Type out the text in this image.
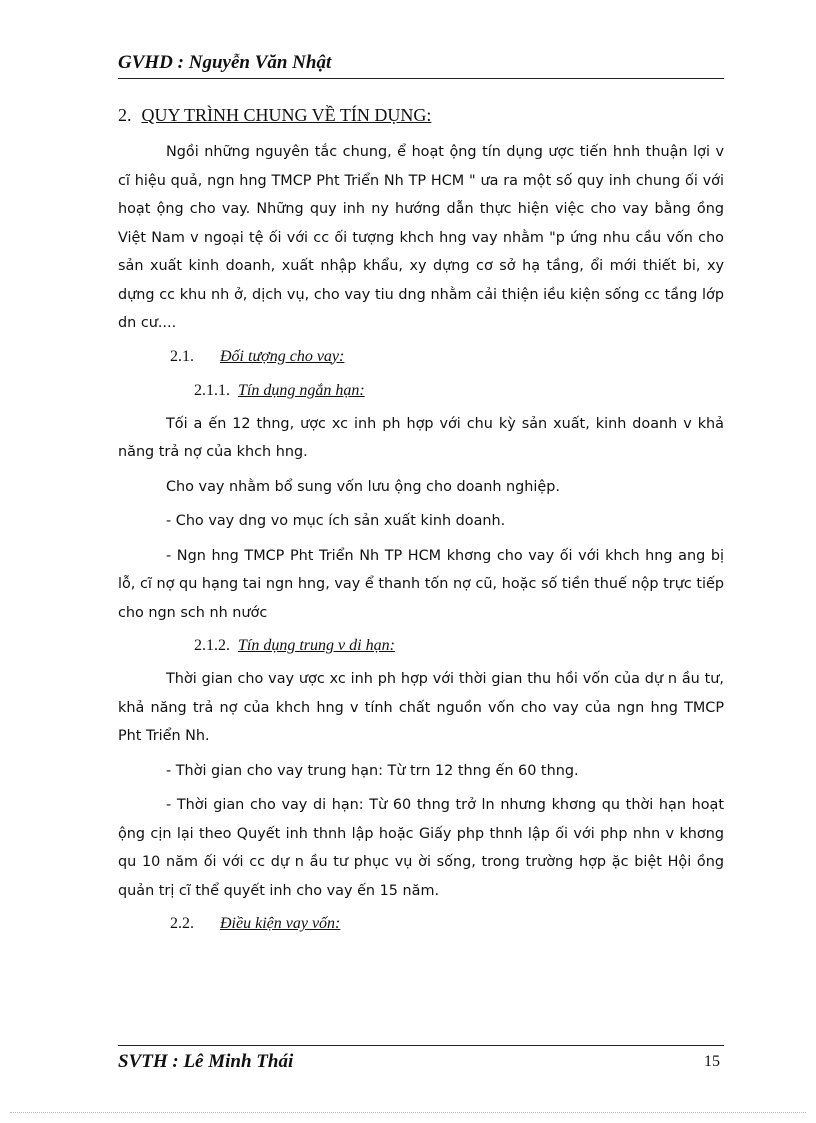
GVHD : Nguyễn Văn Nhật
2. QUY TRÌNH CHUNG VỀ TÍN DỤNG:

Ngồi những nguyên tắc chung, ể hoạt ộng tín dụng ược tiến hnh thuận lợi v cĩ hiệu quả, ngn hng TMCP Pht Triển Nh TP HCM " ưa ra một số quy inh chung ối với hoạt ộng cho vay. Những quy inh ny hướng dẫn thực hiện việc cho vay bằng ồng Việt Nam v ngoại tệ ối với cc ối tượng khch hng vay nhằm "p ứng nhu cầu vốn cho sản xuất kinh doanh, xuất nhập khẩu, xy dựng cơ sở hạ tầng, ổi mới thiết bi, xy dựng cc khu nh ở, dịch vụ, cho vay tiu dng nhằm cải thiện iều kiện sống cc tầng lớp dn cư....

2.1. Đối tượng cho vay:
2.1.1. Tín dụng ngắn hạn:

Tối a ến 12 thng, ược xc inh ph hợp với chu kỳ sản xuất, kinh doanh v khả năng trả nợ của khch hng.

Cho vay nhằm bổ sung vốn lưu ộng cho doanh nghiệp.

- Cho vay dng vo mục ích sản xuất kinh doanh.

- Ngn hng TMCP Pht Triển Nh TP HCM khơng cho vay ối với khch hng ang bị lỗ, cĩ nợ qu hạng tai ngn hng, vay ể thanh tốn nợ cũ, hoặc số tiền thuế nộp trực tiếp cho ngn sch nh nước

2.1.2. Tín dụng trung v di hạn:

Thời gian cho vay ược xc inh ph hợp với thời gian thu hồi vốn của dự n ầu tư, khả năng trả nợ của khch hng v tính chất nguồn vốn cho vay của ngn hng TMCP Pht Triển Nh.

- Thời gian cho vay trung hạn: Từ trn 12 thng ến 60 thng.

- Thời gian cho vay di hạn: Từ 60 thng trở ln nhưng khơng qu thời hạn hoạt ộng cịn lại theo Quyết inh thnh lập hoặc Giấy php thnh lập ối với php nhn v khơng qu 10 năm ối với cc dự n ầu tư phục vụ ời sống, trong trường hợp ặc biệt Hội ồng quản trị cĩ thể quyết inh cho vay ến 15 năm.

2.2. Điều kiện vay vốn:
SVTH : Lê Minh Thái	15
